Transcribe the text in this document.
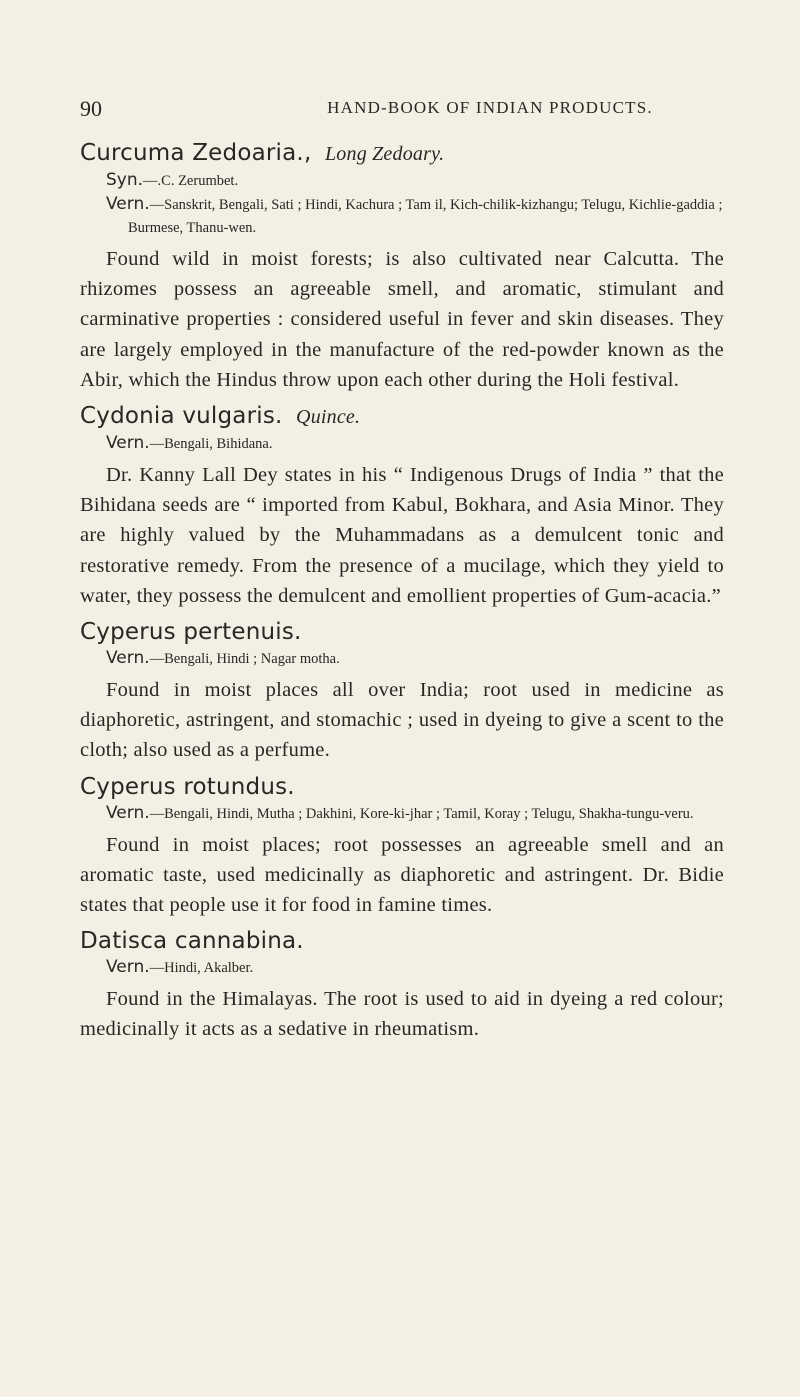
90	HAND-BOOK OF INDIAN PRODUCTS.
Curcuma Zedoaria., Long Zedoary.

Syn.—.C. Zerumbet.

Vern.—Sanskrit, Bengali, Sati ; Hindi, Kachura ; Tam il, Kich-chilik-kizhangu; Telugu, Kichlie-gaddia ; Burmese, Thanu-wen.

Found wild in moist forests; is also cultivated near Calcutta. The rhizomes possess an agreeable smell, and aromatic, stimulant and carminative properties : considered useful in fever and skin diseases. They are largely employed in the manufacture of the red-powder known as the Abir, which the Hindus throw upon each other during the Holi festival.

Cydonia vulgaris. Quince.

Vern.—Bengali, Bihidana.

Dr. Kanny Lall Dey states in his “ Indigenous Drugs of India ” that the Bihidana seeds are “ imported from Kabul, Bokhara, and Asia Minor. They are highly valued by the Muhammadans as a demulcent tonic and restorative remedy. From the presence of a mucilage, which they yield to water, they possess the demulcent and emollient properties of Gum-acacia.”

Cyperus pertenuis.

Vern.—Bengali, Hindi ; Nagar motha.

Found in moist places all over India; root used in medicine as diaphoretic, astringent, and stomachic ; used in dyeing to give a scent to the cloth; also used as a perfume.

Cyperus rotundus.

Vern.—Bengali, Hindi, Mutha ; Dakhini, Kore-ki-jhar ; Tamil, Koray ; Telugu, Shakha-tungu-veru.

Found in moist places; root possesses an agreeable smell and an aromatic taste, used medicinally as diaphoretic and astringent. Dr. Bidie states that people use it for food in famine times.

Datisca cannabina.

Vern.—Hindi, Akalber.

Found in the Himalayas. The root is used to aid in dyeing a red colour; medicinally it acts as a sedative in rheumatism.
